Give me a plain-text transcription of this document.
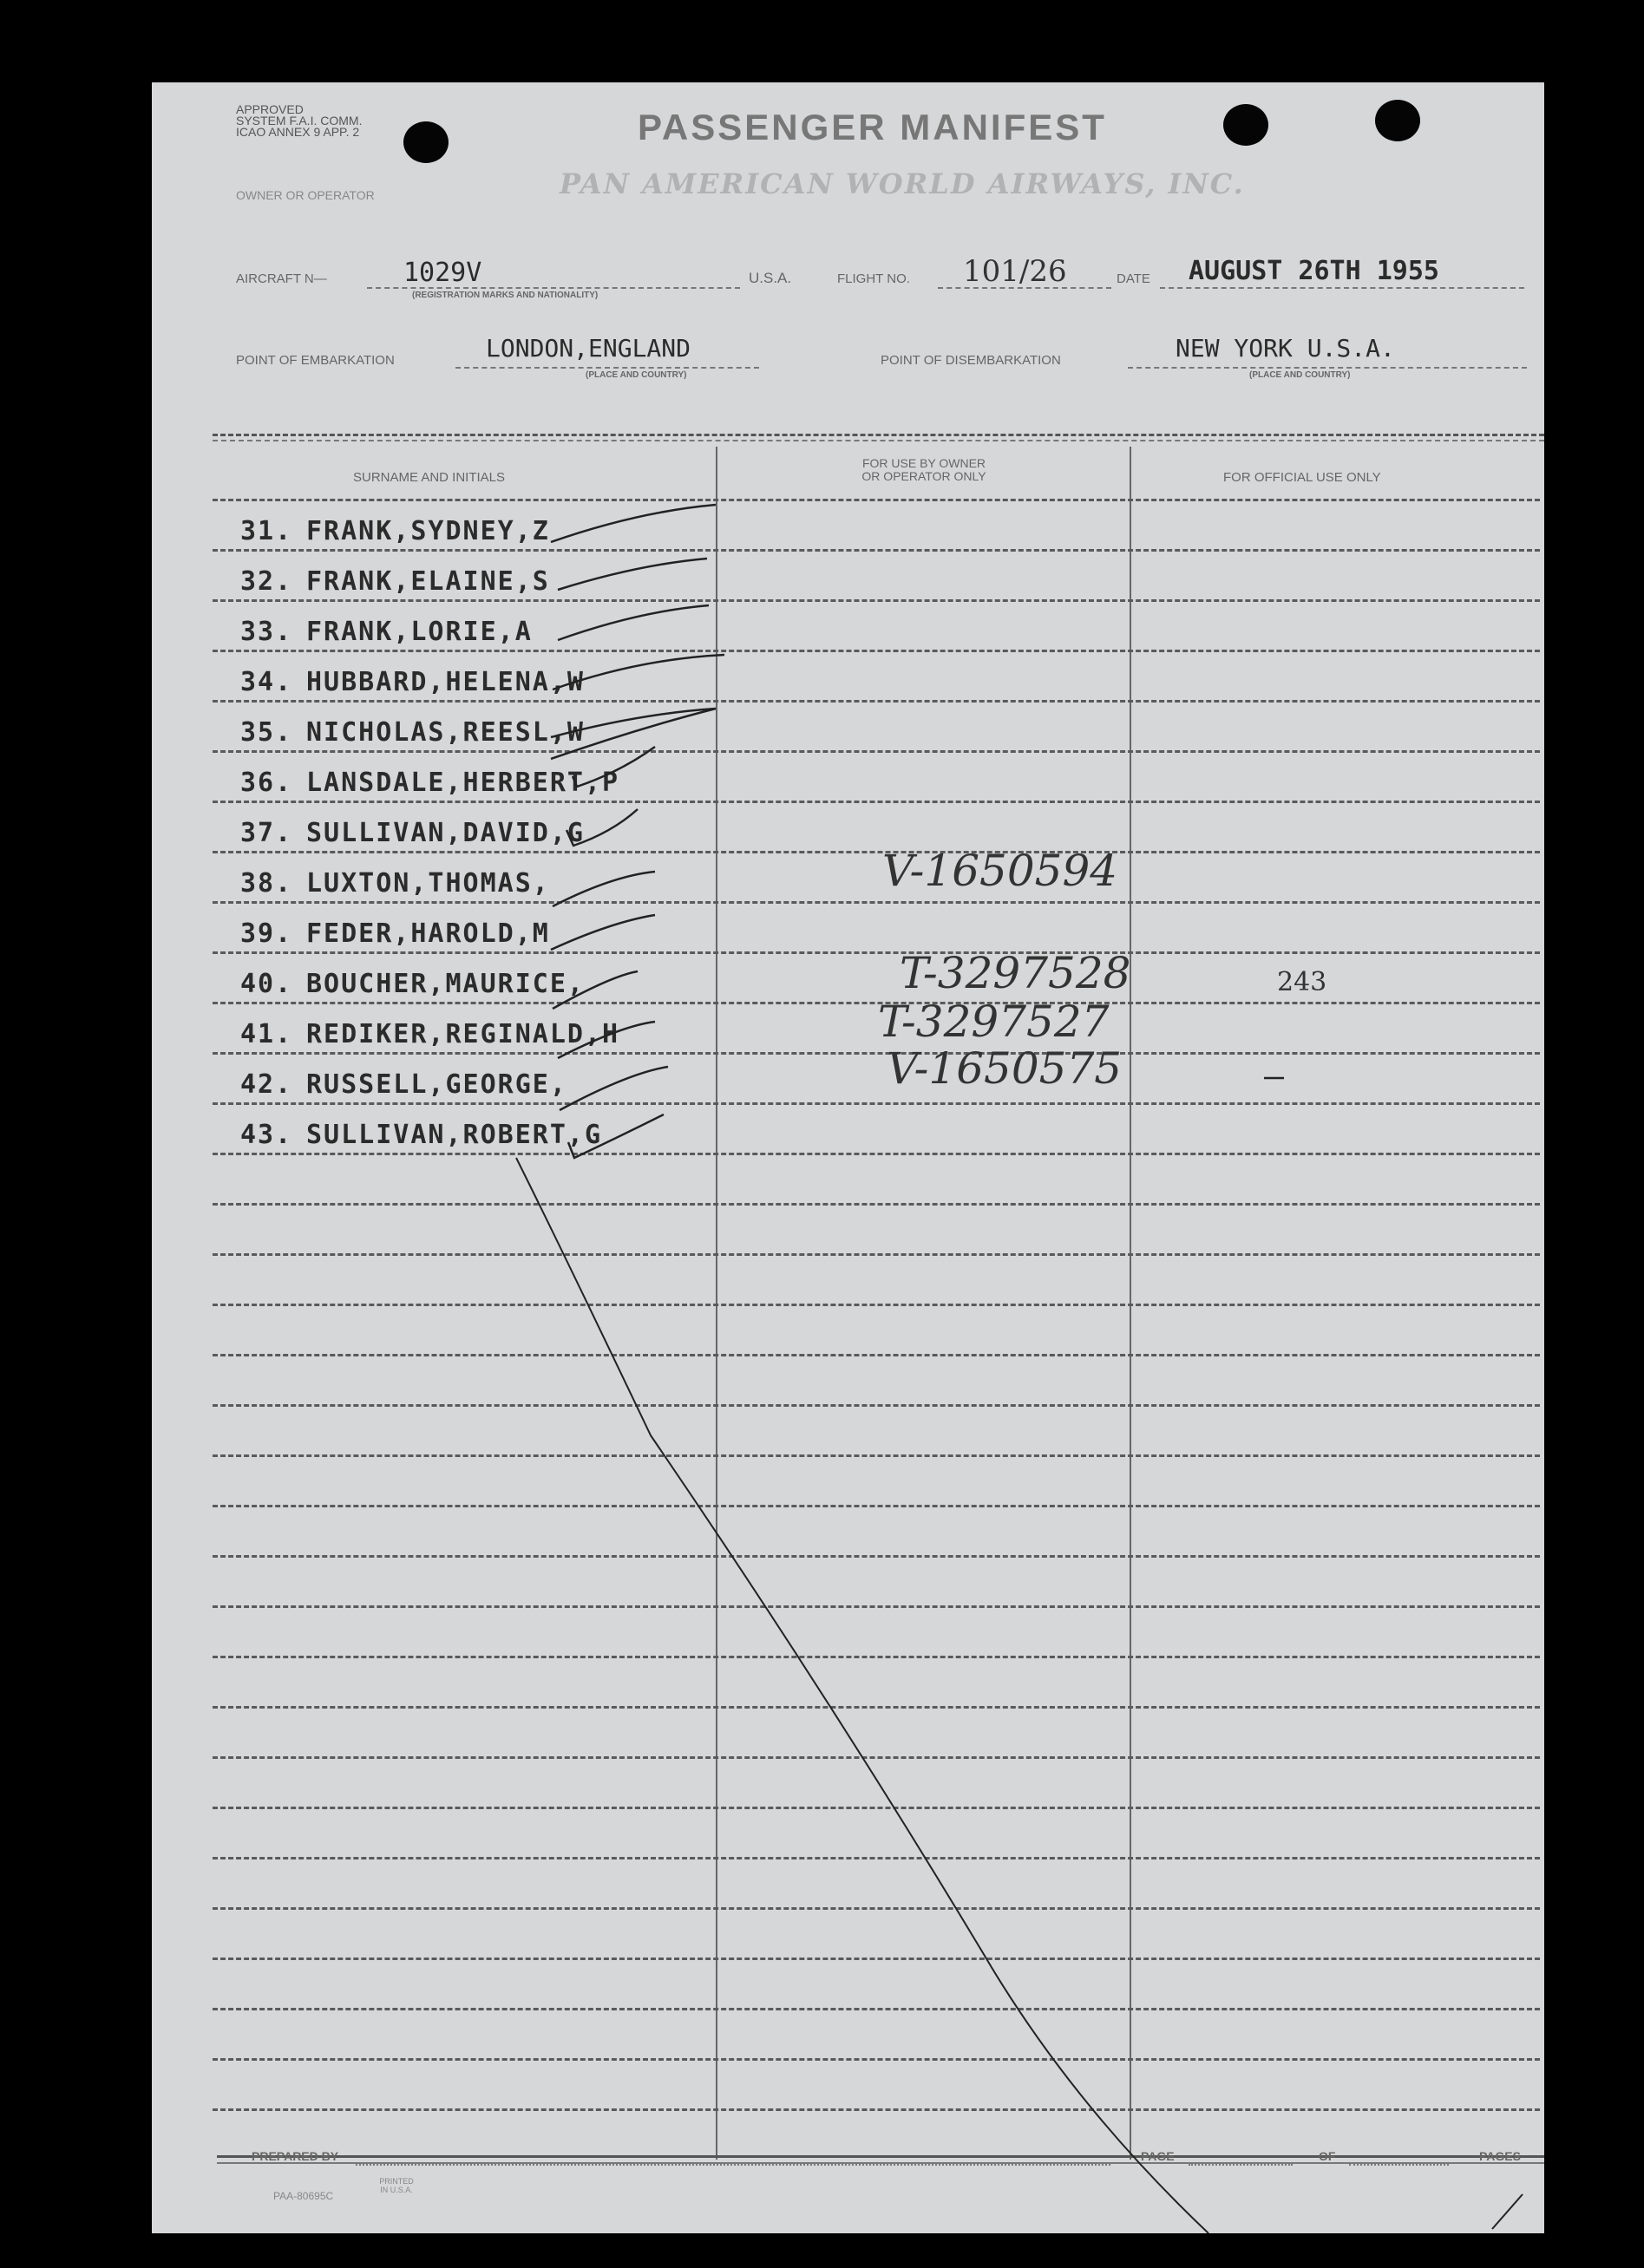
APPROVED
SYSTEM F.A.I. COMM.
ICAO ANNEX 9 APP. 2
OWNER OR OPERATOR
PASSENGER MANIFEST
PAN AMERICAN WORLD AIRWAYS, INC.
AIRCRAFT N—	1029V
(REGISTRATION MARKS AND NATIONALITY)
U.S.A.	FLIGHT NO. 101/26	DATE AUGUST 26TH 1955
POINT OF EMBARKATION	LONDON,ENGLAND
(PLACE AND COUNTRY)
POINT OF DISEMBARKATION	NEW YORK U.S.A.
(PLACE AND COUNTRY)
SURNAME AND INITIALS
FOR USE BY OWNER
OR OPERATOR ONLY	FOR OFFICIAL USE ONLY
31. FRANK,SYDNEY,Z
32. FRANK,ELAINE,S
33. FRANK,LORIE,A
34. HUBBARD,HELENA,W
35. NICHOLAS,REESL,W
36. LANSDALE,HERBERT,P
37. SULLIVAN,DAVID,G
38. LUXTON,THOMAS,	V-1650594
39. FEDER,HAROLD,M
40. BOUCHER,MAURICE,	T-3297528	243
41. REDIKER,REGINALD,H	T-3297527
42. RUSSELL,GEORGE,	V-1650575
43. SULLIVAN,ROBERT,G
PREPARED BY	PAGE	OF	PAGES
PAA-80695C
PRINTED IN U.S.A.
